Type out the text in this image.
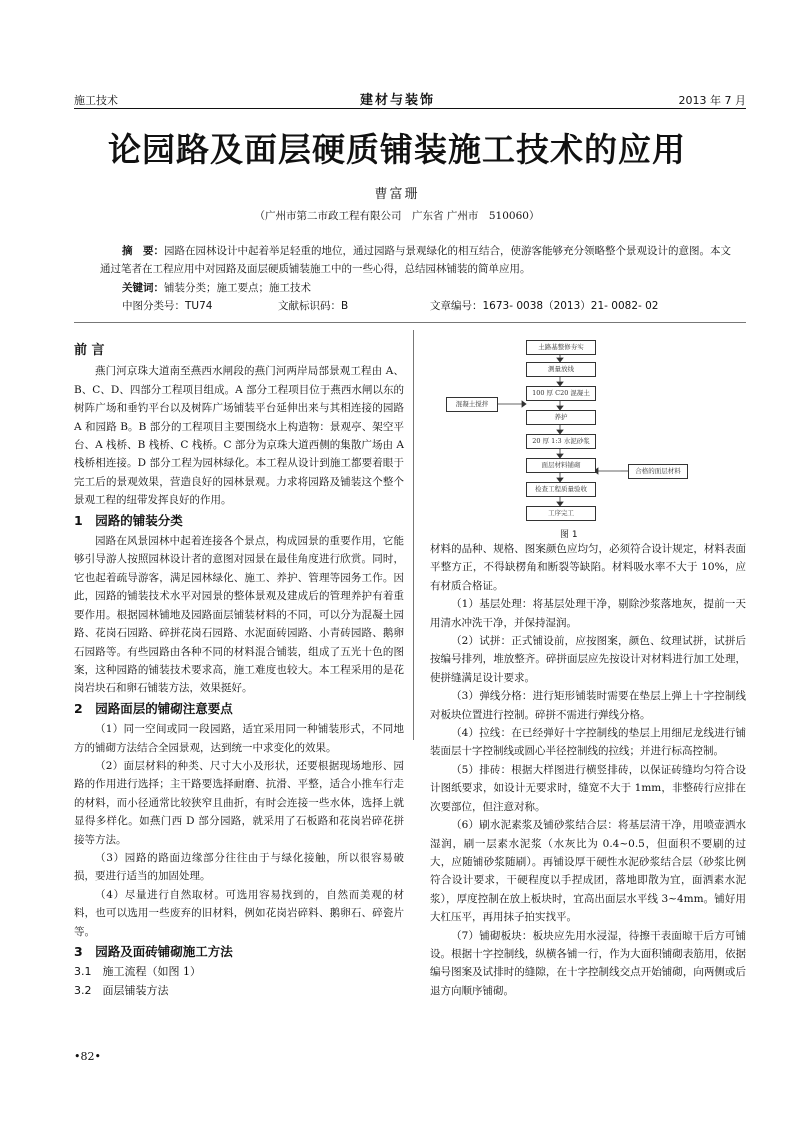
施工技术	建材与装饰	2013 年 7 月
论园路及面层硬质铺装施工技术的应用
曹富珊
（广州市第二市政工程有限公司　广东省 广州市　510060）
摘　要：园路在园林设计中起着举足轻重的地位，通过园路与景观绿化的相互结合，使游客能够充分领略整个景观设计的意图。本文通过笔者在工程应用中对园路及面层硬质铺装施工中的一些心得，总结园林铺装的简单应用。
关键词：铺装分类；施工要点；施工技术
中图分类号：TU74	文献标识码：B	文章编号：1673- 0038（2013）21- 0082- 02

前 言

燕门河京珠大道南至燕西水闸段的燕门河两岸局部景观工程由 A、B、C、D、四部分工程项目组成。A 部分工程项目位于燕西水闸以东的树阵广场和垂钓平台以及树阵广场铺装平台延伸出来与其相连接的园路 A 和园路 B。B 部分的工程项目主要围绕水上构造物：景观亭、架空平台、A 栈桥、B 栈桥、C 栈桥。C 部分为京珠大道西侧的集散广场由 A 栈桥相连接。D 部分工程为园林绿化。本工程从设计到施工都要着眼于完工后的景观效果，营造良好的园林景观。力求将园路及铺装这个整个景观工程的纽带发挥良好的作用。

1　园路的铺装分类

园路在风景园林中起着连接各个景点，构成园景的重要作用，它能够引导游人按照园林设计者的意图对园景在最佳角度进行欣赏。同时，它也起着疏导游客，满足园林绿化、施工、养护、管理等园务工作。因此，园路的铺装技术水平对园景的整体景观及建成后的管理养护有着重要作用。根据园林铺地及园路面层铺装材料的不同，可以分为混凝土园路、花岗石园路、碎拼花岗石园路、水泥面砖园路、小青砖园路、鹅卵石园路等。有些园路由各种不同的材料混合铺装，组成了五光十色的图案，这种园路的铺装技术要求高，施工难度也较大。本工程采用的是花岗岩块石和卵石铺装方法，效果挺好。

2　园路面层的铺砌注意要点

（1）同一空间或同一段园路，适宜采用同一种铺装形式，不同地方的铺砌方法结合全园景观，达到统一中求变化的效果。

（2）面层材料的种类、尺寸大小及形状，还要根据现场地形、园路的作用进行选择；主干路要选择耐磨、抗滑、平整，适合小推车行走的材料，而小径通常比较狭窄且曲折，有时会连接一些水体，选择上就显得多样化。如燕门西 D 部分园路，就采用了石板路和花岗岩碎花拼接等方法。

（3）园路的路面边缘部分往往由于与绿化接触，所以很容易破损，要进行适当的加固处理。

（4）尽量进行自然取材。可选用容易找到的，自然而美观的材料，也可以选用一些废弃的旧材料，例如花岗岩碎料、鹅卵石、碎瓷片等。

3　园路及面砖铺砌施工方法

3.1　施工流程（如图 1）

3.2　面层铺装方法

土路基整修夯实
测量放线
100 厚 C20 混凝土
养护
20 厚 1:3 水泥砂浆
面层材料铺砌
检查工程质量验收
工序完工
混凝土搅拌
合格的面层材料
图 1

材料的品种、规格、图案颜色应均匀，必须符合设计规定，材料表面平整方正，不得缺楞角和断裂等缺陷。材料吸水率不大于 10%，应有材质合格证。

（1）基层处理：将基层处理干净，剔除沙浆落地灰，提前一天用清水冲洗干净，并保持湿润。

（2）试拼：正式铺设前，应按图案，颜色、纹理试拼，试拼后按编号排列，堆放整齐。碎拼面层应先按设计对材料进行加工处理，使拼缝满足设计要求。

（3）弹线分格：进行矩形铺装时需要在垫层上弹上十字控制线对板块位置进行控制。碎拼不需进行弹线分格。

（4）拉线：在已经弹好十字控制线的垫层上用细尼龙线进行铺装面层十字控制线或圆心半径控制线的拉线；并进行标高控制。

（5）排砖：根据大样图进行横竖排砖，以保证砖缝均匀符合设计图纸要求，如设计无要求时，缝宽不大于 1mm，非整砖行应排在次要部位，但注意对称。

（6）刷水泥素浆及铺砂浆结合层：将基层清干净，用喷壶洒水湿润，刷一层素水泥浆（水灰比为 0.4~0.5，但面积不要刷的过大，应随铺砂浆随刷）。再铺设厚干硬性水泥砂浆结合层（砂浆比例符合设计要求，干硬程度以手捏成团，落地即散为宜，面洒素水泥浆），厚度控制在放上板块时，宜高出面层水平线 3~4mm。铺好用大杠压平，再用抹子拍实找平。

（7）铺砌板块：板块应先用水浸湿，待擦干表面晾干后方可铺设。根据十字控制线，纵横各铺一行，作为大面积铺砌表筋用，依据编号图案及试排时的缝隙，在十字控制线交点开始铺砌，向两侧或后退方向顺序铺砌。

•82•
